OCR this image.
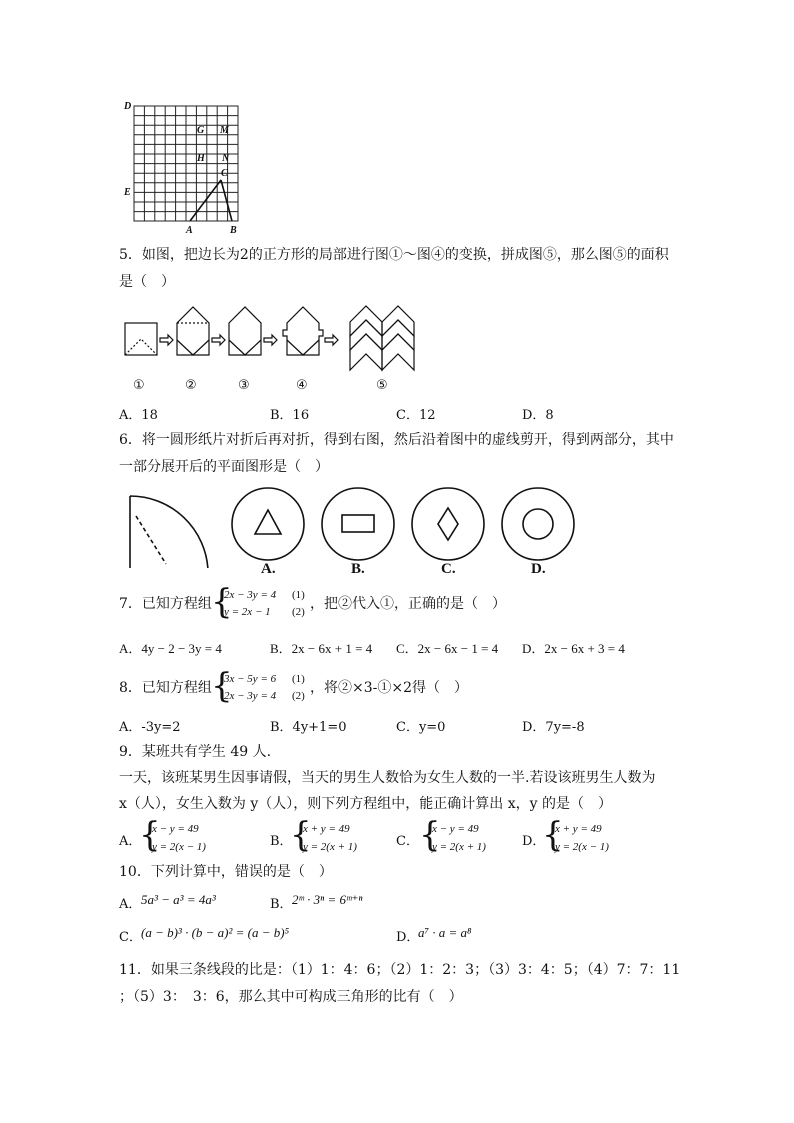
D
G M
H N
C
E
A	B
5．如图，把边长为2的正方形的局部进行图①～图④的变换，拼成图⑤，那么图⑤的面积
是（　）
①	②	③	④	⑤
A．18	B．16	C．12	D．8
6．将一圆形纸片对折后再对折，得到右图，然后沿着图中的虚线剪开，得到两部分，其中
一部分展开后的平面图形是（　）
A.	B.	C.	D.
7．已知方程组 {
2x − 3y = 4 (1)
y = 2x − 1 (2) ，把②代入①，正确的是（　）
A．4y − 2 − 3y = 4	B．2x − 6x + 1 = 4 C．2x − 6x − 1 = 4 D．2x − 6x + 3 = 4
8．已知方程组 {
3x − 5y = 6 (1)
2x − 3y = 4 (2) ，将②×3-①×2得（　）
A．-3y=2	B．4y+1=0	C．y=0	D．7y=-8
9．某班共有学生 49 人.
一天，该班某男生因事请假，当天的男生人数恰为女生人数的一半.若设该班男生人数为
x（人），女生入数为 y（人），则下列方程组中，能正确计算出 x，y 的是（　）
A．
{
x − y = 49
y = 2(x − 1)	B．
{
x + y = 49
y = 2(x + 1)	C． {
x − y = 49
y = 2(x + 1)	D．
{
x + y = 49
y = 2(x − 1)
10．下列计算中，错误的是（　）
A． 5a³ − a³ = 4a³	B． 2ᵐ · 3ⁿ = 6ᵐ⁺ⁿ
C． (a − b)³ · (b − a)² = (a − b)⁵	D．
a⁷ · a = a⁸
11．如果三条线段的比是：（1）1：4：6；（2）1：2：3；（3）3：4：5；（4）7：7：11
；（5）3：　3：6，那么其中可构成三角形的比有（　）
